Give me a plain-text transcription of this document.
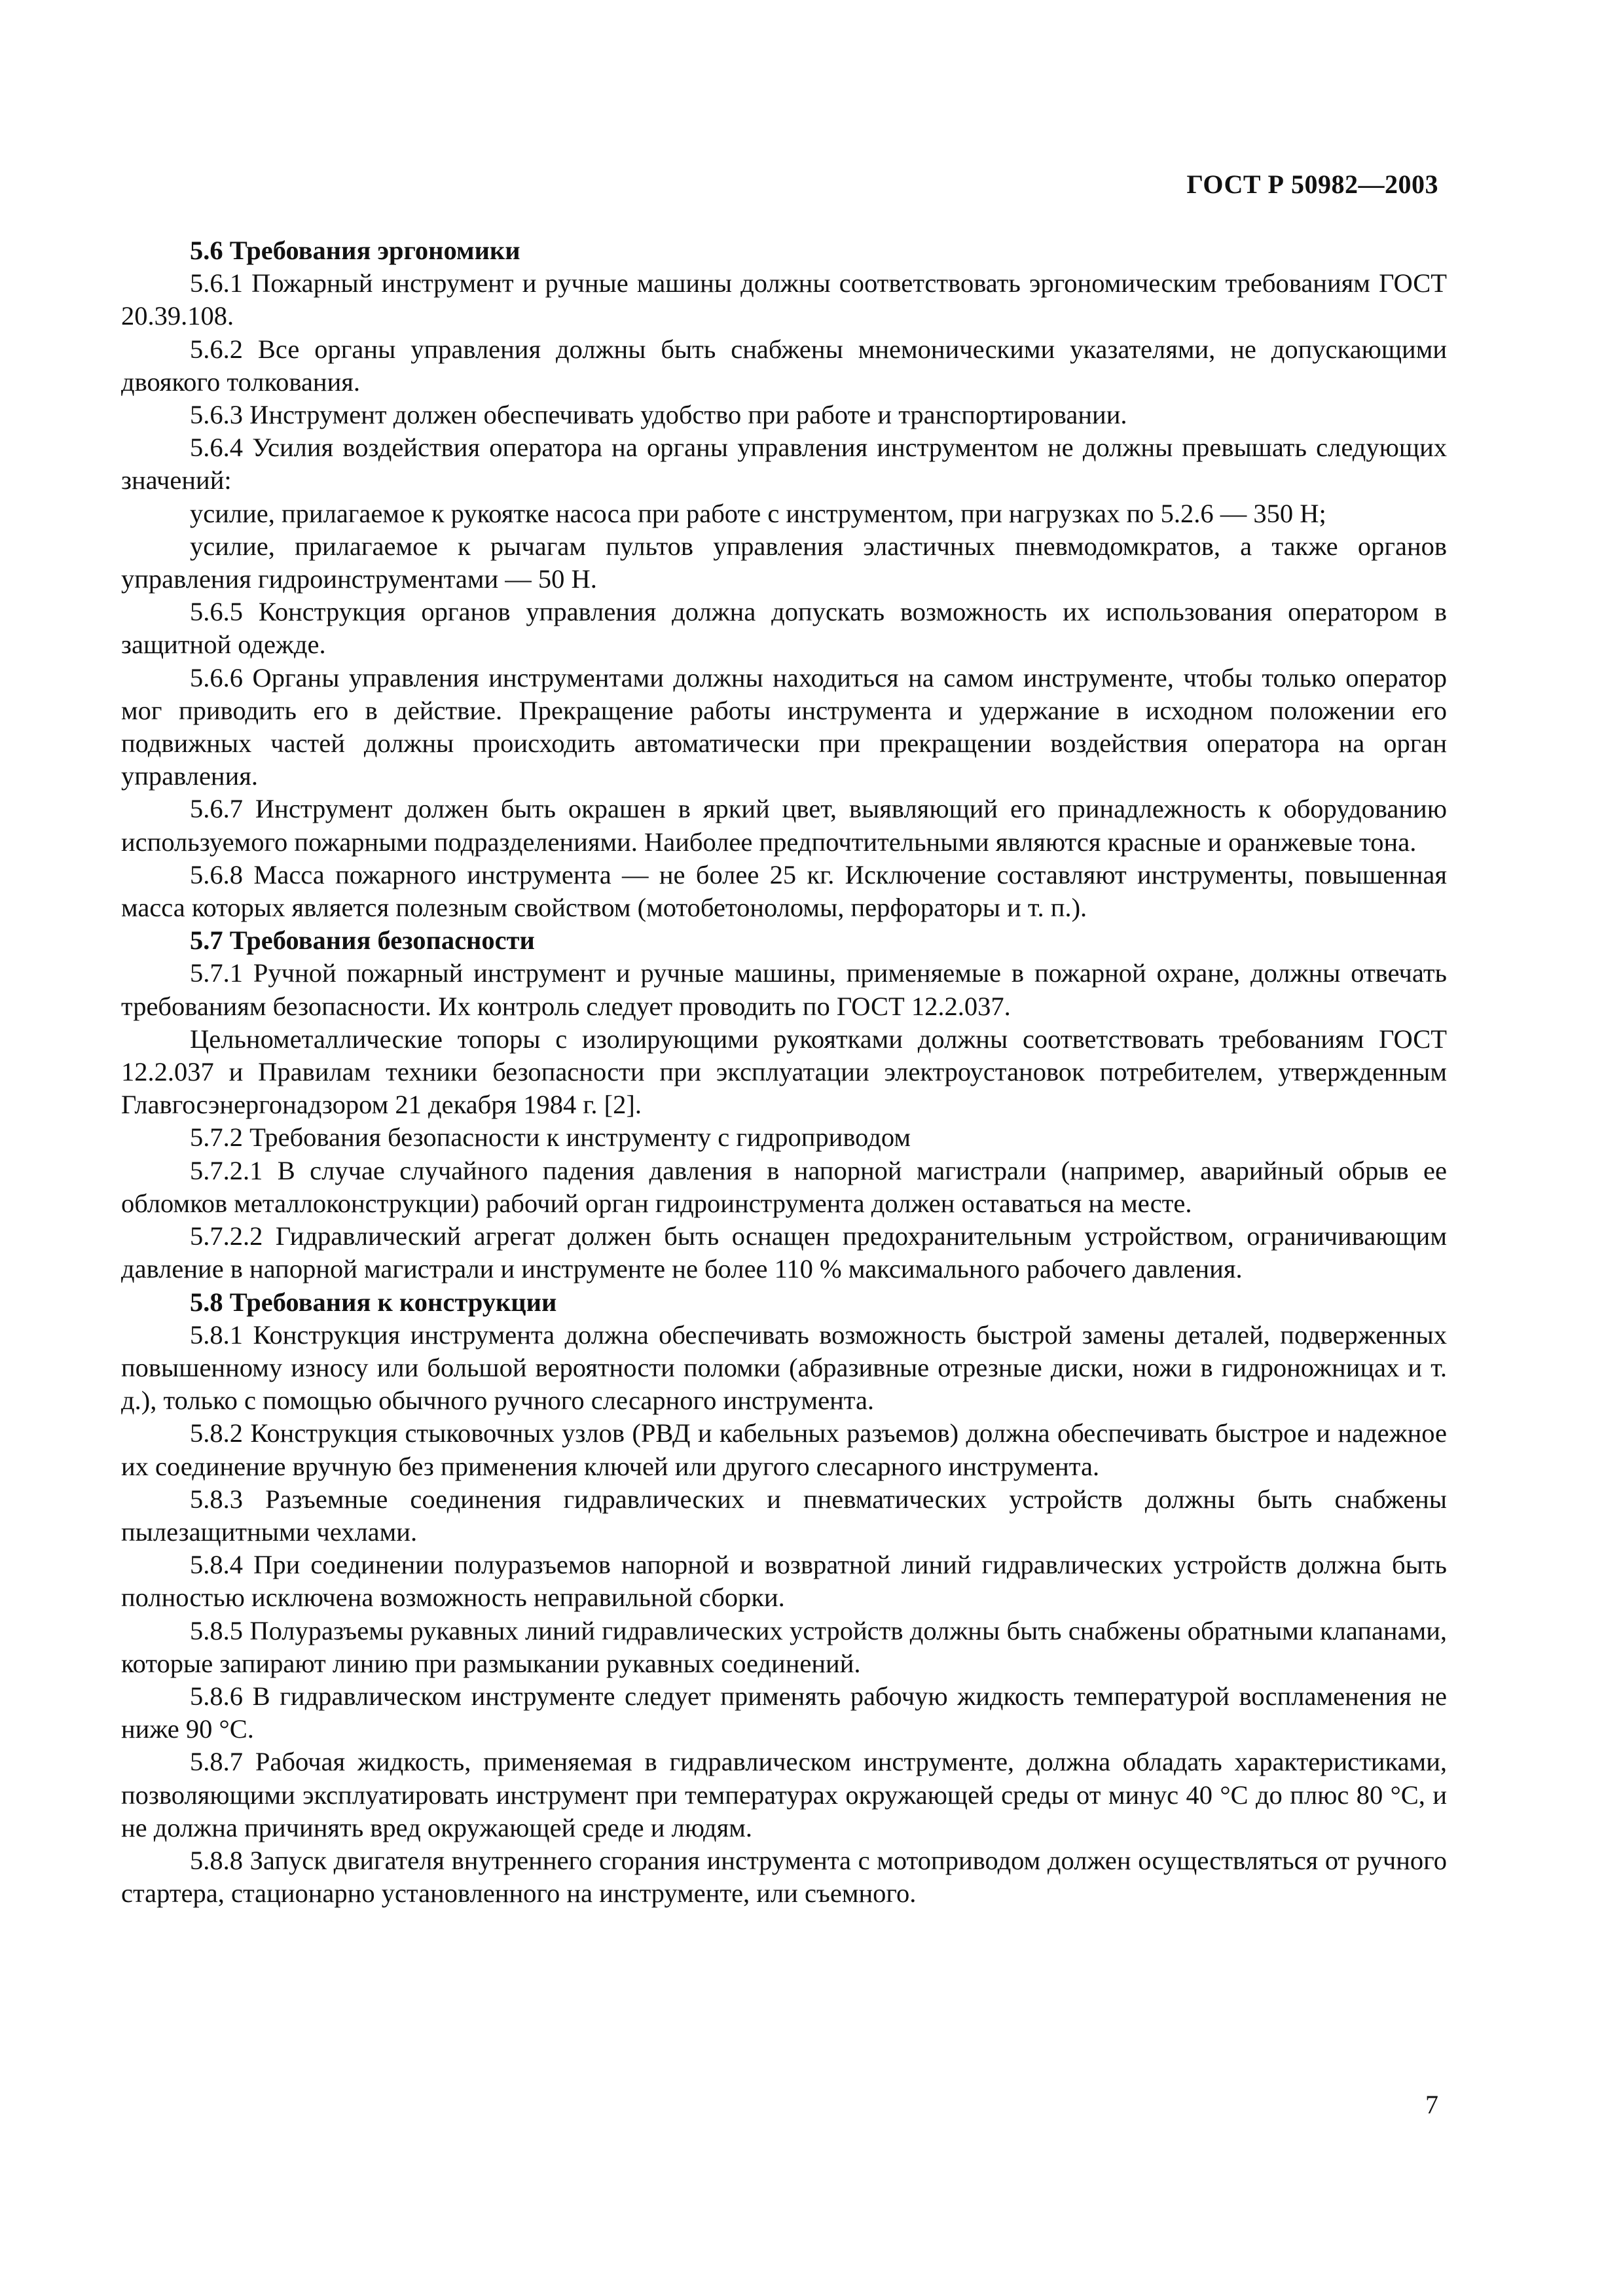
ГОСТ Р 50982—2003
5.6 Требования эргономики

5.6.1 Пожарный инструмент и ручные машины должны соответствовать эргономическим требованиям ГОСТ 20.39.108.

5.6.2 Все органы управления должны быть снабжены мнемоническими указателями, не допускающими двоякого толкования.

5.6.3 Инструмент должен обеспечивать удобство при работе и транспортировании.

5.6.4 Усилия воздействия оператора на органы управления инструментом не должны превышать следующих значений:

усилие, прилагаемое к рукоятке насоса при работе с инструментом, при нагрузках по 5.2.6 — 350 Н;

усилие, прилагаемое к рычагам пультов управления эластичных пневмодомкратов, а также органов управления гидроинструментами — 50 Н.

5.6.5 Конструкция органов управления должна допускать возможность их использования оператором в защитной одежде.

5.6.6 Органы управления инструментами должны находиться на самом инструменте, чтобы только оператор мог приводить его в действие. Прекращение работы инструмента и удержание в исходном положении его подвижных частей должны происходить автоматически при прекращении воздействия оператора на орган управления.

5.6.7 Инструмент должен быть окрашен в яркий цвет, выявляющий его принадлежность к оборудованию используемого пожарными подразделениями. Наиболее предпочтительными являются красные и оранжевые тона.

5.6.8 Масса пожарного инструмента — не более 25 кг. Исключение составляют инструменты, повышенная масса которых является полезным свойством (мотобетоноломы, перфораторы и т. п.).

5.7 Требования безопасности

5.7.1 Ручной пожарный инструмент и ручные машины, применяемые в пожарной охране, должны отвечать требованиям безопасности. Их контроль следует проводить по ГОСТ 12.2.037.

Цельнометаллические топоры с изолирующими рукоятками должны соответствовать требованиям ГОСТ 12.2.037 и Правилам техники безопасности при эксплуатации электроустановок потребителем, утвержденным Главгосэнергонадзором 21 декабря 1984 г. [2].

5.7.2 Требования безопасности к инструменту с гидроприводом

5.7.2.1 В случае случайного падения давления в напорной магистрали (например, аварийный обрыв ее обломков металлоконструкции) рабочий орган гидроинструмента должен оставаться на месте.

5.7.2.2 Гидравлический агрегат должен быть оснащен предохранительным устройством, ограничивающим давление в напорной магистрали и инструменте не более 110 % максимального рабочего давления.

5.8 Требования к конструкции

5.8.1 Конструкция инструмента должна обеспечивать возможность быстрой замены деталей, подверженных повышенному износу или большой вероятности поломки (абразивные отрезные диски, ножи в гидроножницах и т. д.), только с помощью обычного ручного слесарного инструмента.

5.8.2 Конструкция стыковочных узлов (РВД и кабельных разъемов) должна обеспечивать быстрое и надежное их соединение вручную без применения ключей или другого слесарного инструмента.

5.8.3 Разъемные соединения гидравлических и пневматических устройств должны быть снабжены пылезащитными чехлами.

5.8.4 При соединении полуразъемов напорной и возвратной линий гидравлических устройств должна быть полностью исключена возможность неправильной сборки.

5.8.5 Полуразъемы рукавных линий гидравлических устройств должны быть снабжены обратными клапанами, которые запирают линию при размыкании рукавных соединений.

5.8.6 В гидравлическом инструменте следует применять рабочую жидкость температурой воспламенения не ниже 90 °С.

5.8.7 Рабочая жидкость, применяемая в гидравлическом инструменте, должна обладать характеристиками, позволяющими эксплуатировать инструмент при температурах окружающей среды от минус 40 °С до плюс 80 °С, и не должна причинять вред окружающей среде и людям.

5.8.8 Запуск двигателя внутреннего сгорания инструмента с мотоприводом должен осуществляться от ручного стартера, стационарно установленного на инструменте, или съемного.

7
